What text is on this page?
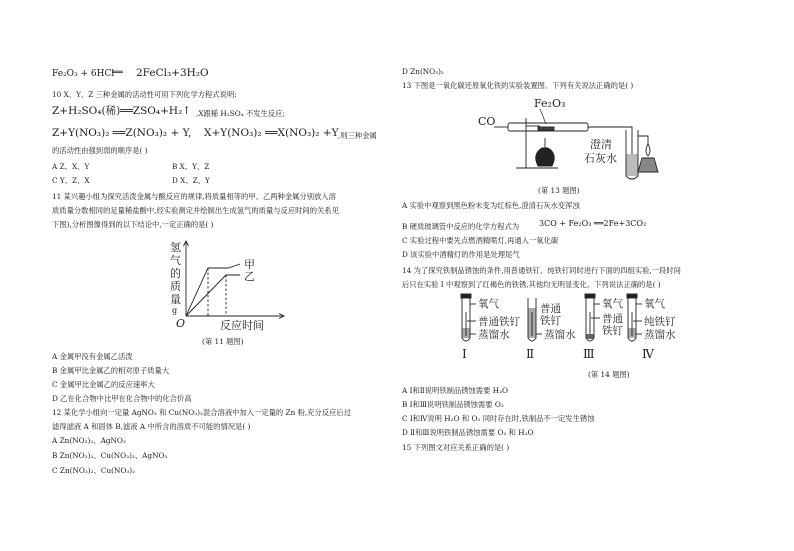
Fe₂O₃ + 6HCl
══ 2FeCl₃+3H₂O
10 X、Y、Z 三种金属的活动性可用下列化学方程式说明:
Z+H₂SO₄(稀)══ZSO₄+H₂↑ ,X跟稀 H₂SO₄ 不发生反应;
Z+Y(NO₃)₂ ══Z(NO₃)₂ + Y, X+Y(NO₃)₂ ══X(NO₃)₂ +Y ,则三种金属
的活动性由强到弱的顺序是( )
A Z、X、Y	B X、Y、Z
C Y、Z、X	D X、Z、Y
11 某兴趣小组为探究活泼金属与酸反应的规律,将质量相等的甲、乙两种金属分别放入溶
质质量分数相同的足量稀盐酸中,经实验测定并绘制出生成氢气的质量与反应时间的关系见
下图),分析图像得到的以下结论中,一定正确的是( )
氢
气
的
质
量
g
甲
乙
O	反应时间
(第 11 题图)
A 金属甲没有金属乙活泼
B 金属甲比金属乙的相对原子质量大
C 金属甲比金属乙的反应速率大
D 乙在化合物中比甲在化合物中的化合价高
12 某化学小组向一定量 AgNO₃ 和 Cu(NO₃)₂混合溶液中加入一定量的 Zn 粉,充分反应后过
滤得滤液 A 和固体 B,滤液 A 中所含的溶质不可能的情况是( )
A Zn(NO₃)₂、AgNO₃
B Zn(NO₃)₂、Cu(NO₃)₂、AgNO₃
C Zn(NO₃)₂、Cu(NO₃)₂
D Zn(NO₃)₂
13 下图是一氧化碳还原氧化铁的实验装置图。下列有关说法正确的是( )
Fe₂O₃
CO
澄清
石灰水
(第 13 题图)
A 实验中观察到黑色粉末变为红棕色,澄清石灰水变浑浊
B 硬质玻璃管中反应的化学方程式为 3CO + Fe₂O₃ ══2Fe+3CO₂
C 实验过程中要先点燃酒精喷灯,再通入一氧化碳
D 该实验中酒精灯的作用是处理尾气
14 为了探究铁制品锈蚀的条件,用普通铁钉、纯铁钉同时进行下面的四组实验,一段时间
后只在实验 Ⅰ 中观察到了红褐色的铁锈,其他均无明显变化。下列说法正确的是( )
氧气
普通铁钉
蒸馏水
普通
铁钉
蒸馏水
氧气
普通
铁钉
氧气
纯铁钉
蒸馏水
Ⅰ	Ⅱ	Ⅲ	Ⅳ
(第 14 题图)
A Ⅰ和Ⅱ说明铁制品锈蚀需要 H₂O
B Ⅰ和Ⅲ说明铁制品锈蚀需要 O₂
C Ⅰ和Ⅳ说明 H₂O 和 O₂ 同时存在时,铁制品不一定发生锈蚀
D Ⅱ和Ⅲ说明铁制品锈蚀需要 O₂ 和 H₂O
15 下列图文对应关系正确的是( )
